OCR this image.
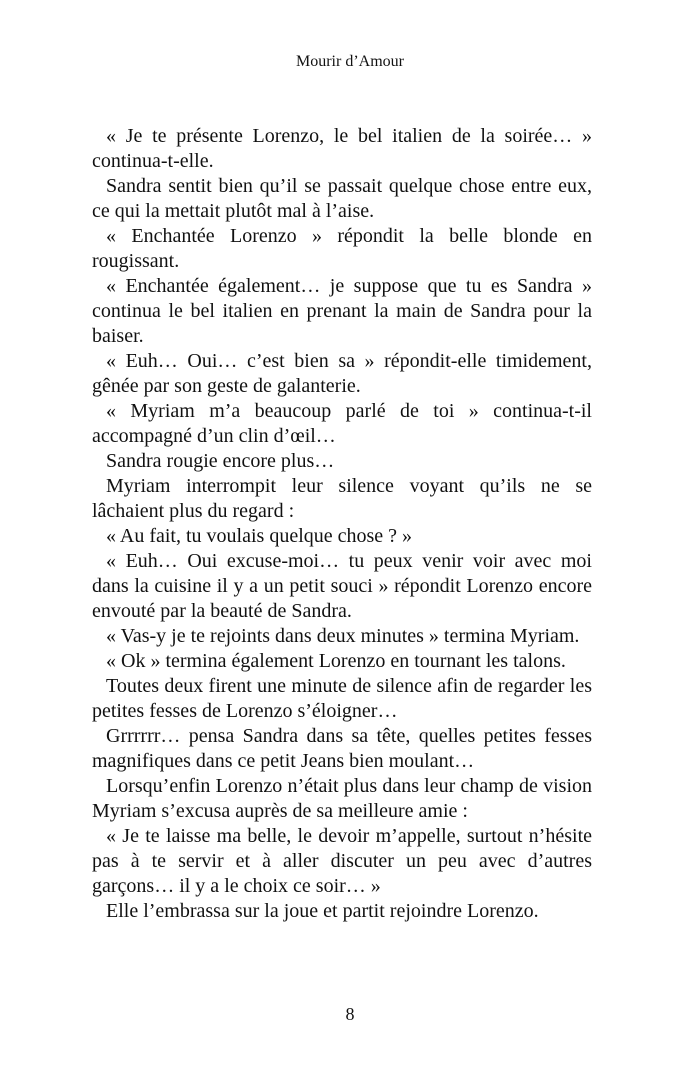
Mourir d’Amour

« Je te présente Lorenzo, le bel italien de la soirée… » continua-t-elle.

Sandra sentit bien qu’il se passait quelque chose entre eux, ce qui la mettait plutôt mal à l’aise.

« Enchantée Lorenzo » répondit la belle blonde en rougissant.

« Enchantée également… je suppose que tu es Sandra » continua le bel italien en prenant la main de Sandra pour la baiser.

« Euh… Oui… c’est bien sa » répondit-elle timidement, gênée par son geste de galanterie.

« Myriam m’a beaucoup parlé de toi » continua-t-il accompagné d’un clin d’œil…

Sandra rougie encore plus…

Myriam interrompit leur silence voyant qu’ils ne se lâchaient plus du regard :

« Au fait, tu voulais quelque chose ? »

« Euh… Oui excuse-moi… tu peux venir voir avec moi dans la cuisine il y a un petit souci » répondit Lorenzo encore envouté par la beauté de Sandra.

« Vas-y je te rejoints dans deux minutes » termina Myriam.

« Ok » termina également Lorenzo en tournant les talons.

Toutes deux firent une minute de silence afin de regarder les petites fesses de Lorenzo s’éloigner…

Grrrrrr… pensa Sandra dans sa tête, quelles petites fesses magnifiques dans ce petit Jeans bien moulant…

Lorsqu’enfin Lorenzo n’était plus dans leur champ de vision Myriam s’excusa auprès de sa meilleure amie :

« Je te laisse ma belle, le devoir m’appelle, surtout n’hésite pas à te servir et à aller discuter un peu avec d’autres garçons… il y a le choix ce soir… »

Elle l’embrassa sur la joue et partit rejoindre Lorenzo.

8
